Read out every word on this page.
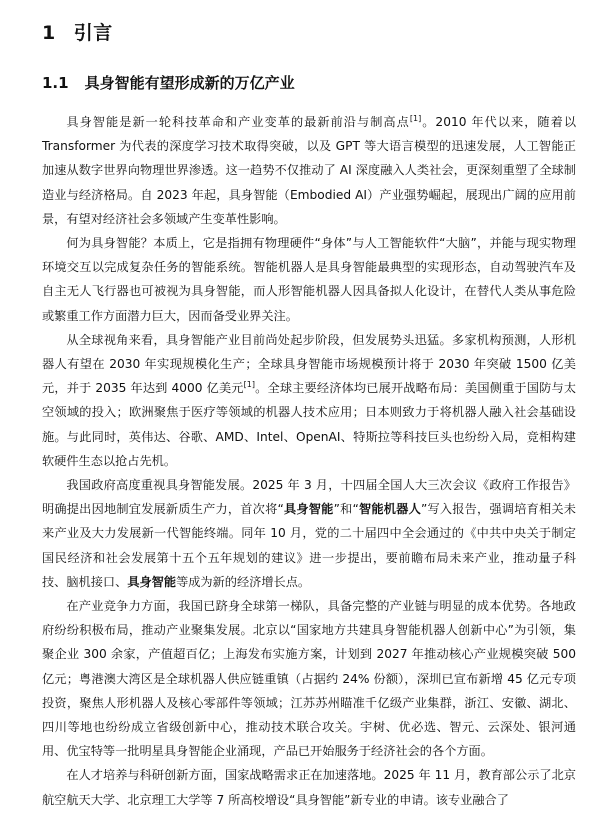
1 引言
1.1 具身智能有望形成新的万亿产业

具身智能是新一轮科技革命和产业变革的最新前沿与制高点[1]。2010 年代以来，随着以 Transformer 为代表的深度学习技术取得突破，以及 GPT 等大语言模型的迅速发展，人工智能正加速从数字世界向物理世界渗透。这一趋势不仅推动了 AI 深度融入人类社会，更深刻重塑了全球制造业与经济格局。自 2023 年起，具身智能（Embodied AI）产业强势崛起，展现出广阔的应用前景，有望对经济社会多领域产生变革性影响。

何为具身智能？本质上，它是指拥有物理硬件“身体”与人工智能软件“大脑”，并能与现实物理环境交互以完成复杂任务的智能系统。智能机器人是具身智能最典型的实现形态，自动驾驶汽车及自主无人飞行器也可被视为具身智能，而人形智能机器人因具备拟人化设计，在替代人类从事危险或繁重工作方面潜力巨大，因而备受业界关注。

从全球视角来看，具身智能产业目前尚处起步阶段，但发展势头迅猛。多家机构预测，人形机器人有望在 2030 年实现规模化生产；全球具身智能市场规模预计将于 2030 年突破 1500 亿美元，并于 2035 年达到 4000 亿美元[1]。全球主要经济体均已展开战略布局：美国侧重于国防与太空领域的投入；欧洲聚焦于医疗等领域的机器人技术应用；日本则致力于将机器人融入社会基础设施。与此同时，英伟达、谷歌、AMD、Intel、OpenAI、特斯拉等科技巨头也纷纷入局，竞相构建软硬件生态以抢占先机。

我国政府高度重视具身智能发展。2025 年 3 月，十四届全国人大三次会议《政府工作报告》明确提出因地制宜发展新质生产力，首次将“具身智能”和“智能机器人”写入报告，强调培育相关未来产业及大力发展新一代智能终端。同年 10 月，党的二十届四中全会通过的《中共中央关于制定国民经济和社会发展第十五个五年规划的建议》进一步提出，要前瞻布局未来产业，推动量子科技、脑机接口、具身智能等成为新的经济增长点。

在产业竞争力方面，我国已跻身全球第一梯队，具备完整的产业链与明显的成本优势。各地政府纷纷积极布局，推动产业聚集发展。北京以“国家地方共建具身智能机器人创新中心”为引领，集聚企业 300 余家，产值超百亿；上海发布实施方案，计划到 2027 年推动核心产业规模突破 500 亿元；粤港澳大湾区是全球机器人供应链重镇（占据约 24% 份额），深圳已宣布新增 45 亿元专项投资，聚焦人形机器人及核心零部件等领域；江苏苏州瞄准千亿级产业集群，浙江、安徽、湖北、四川等地也纷纷成立省级创新中心，推动技术联合攻关。宇树、优必选、智元、云深处、银河通用、优宝特等一批明星具身智能企业涌现，产品已开始服务于经济社会的各个方面。

在人才培养与科研创新方面，国家战略需求正在加速落地。2025 年 11 月，教育部公示了北京航空航天大学、北京理工大学等 7 所高校增设“具身智能”新专业的申请。该专业融合了
